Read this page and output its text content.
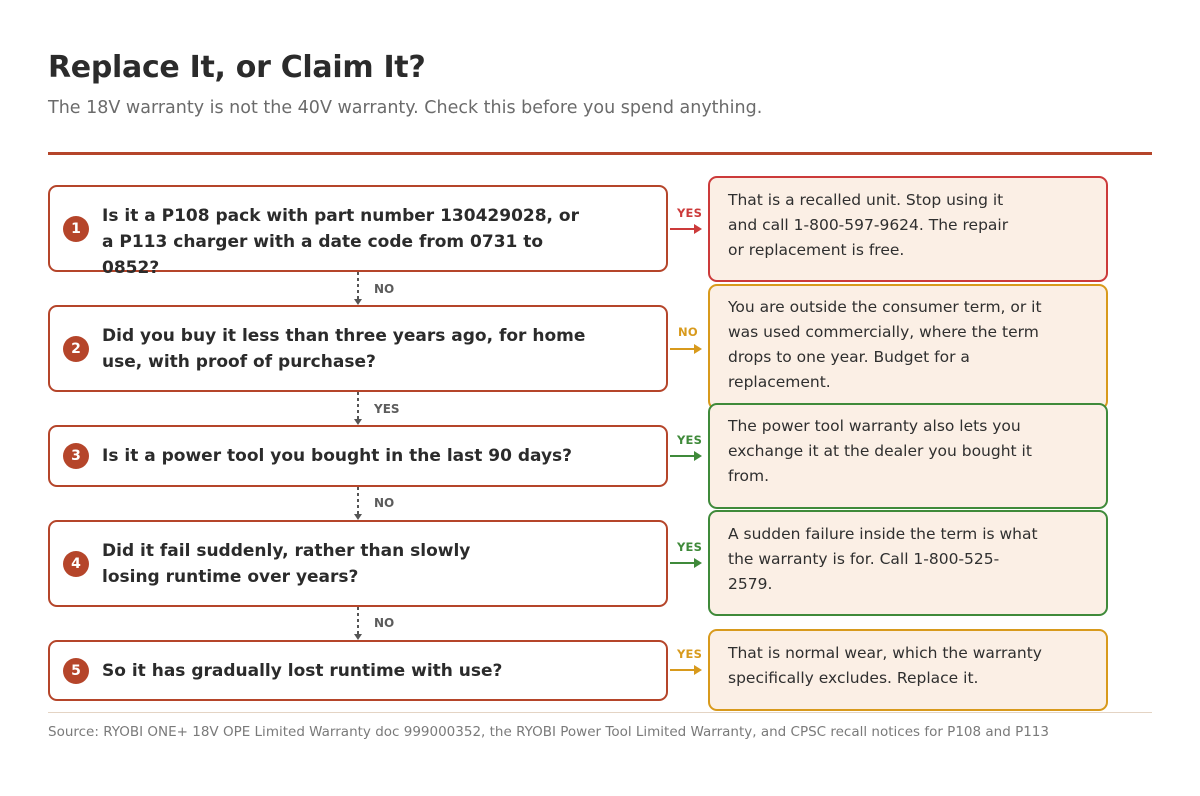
Replace It, or Claim It?

The 18V warranty is not the 40V warranty. Check this before you spend anything.

1
Is it a P108 pack with part number 130429028, or a P113 charger with a date code from 0731 to 0852?
YES
That is a recalled unit. Stop using it and call 1-800-597-9624. The repair or replacement is free.
NO
2
Did you buy it less than three years ago, for home use, with proof of purchase?
NO
You are outside the consumer term, or it was used commercially, where the term drops to one year. Budget for a replacement.
YES
3	Is it a power tool you bought in the last 90 days?
YES
The power tool warranty also lets you exchange it at the dealer you bought it from.
NO
4
Did it fail suddenly, rather than slowly losing runtime over years?
YES
A sudden failure inside the term is what the warranty is for. Call 1-800-525-2579.
NO
5	So it has gradually lost runtime with use?
YES That is normal wear, which the warranty specifically excludes. Replace it.

Source: RYOBI ONE+ 18V OPE Limited Warranty doc 999000352, the RYOBI Power Tool Limited Warranty, and CPSC recall notices for P108 and P113
